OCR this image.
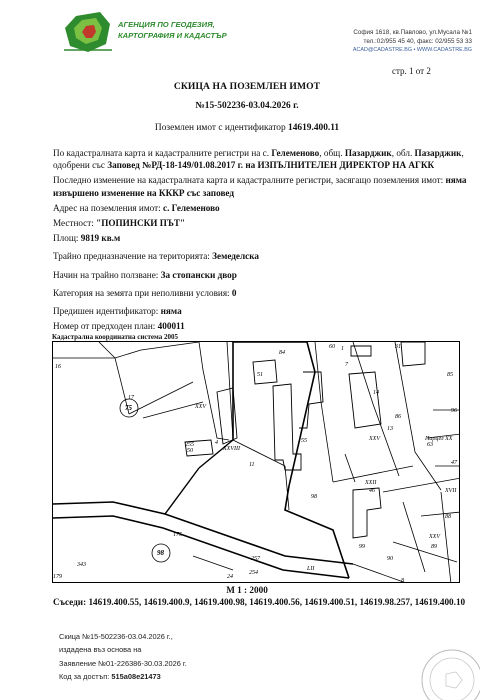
АГЕНЦИЯ ПО ГЕОДЕЗИЯ,
КАРТОГРАФИЯ И КАДАСТЪР	София 1618, кв.Павлово, ул.Мусала №1
тел.:02/955 45 40, факс: 02/955 53 33
ACAD@CADASTRE.BG • WWW.CADASTRE.BG
стр. 1 от 2
СКИЦА НА ПОЗЕМЛЕН ИМОТ
№15-502236-03.04.2026 г.
Поземлен имот с идентификатор 14619.400.11
По кадастралната карта и кадастралните регистри на с. Гелеменово, общ. Пазарджик, обл. Пазарджик, одобрени със Заповед №РД-18-149/01.08.2017 г. на ИЗПЪЛНИТЕЛЕН ДИРЕКТОР НА АГКК
Последно изменение на кадастралната карта и кадастралните регистри, засягащо поземления имот: няма извършено изменение на КККР със заповед
Адрес на поземления имот: с. Гелеменово
Местност: "ПОПИНСКИ ПЪТ"
Площ: 9819 кв.м
Трайно предназначение на територията: Земеделска
Начин на трайно ползване: За стопански двор
Категория на земята при неполивни условия: 0
Предишен идентификатор: няма
Номер от предходен план: 400011
Кадастрална координатна система 2005
75
98
16
17
XXV
255
50
4
XXVIII
84
51
11
55
60 1
7
31
85
14
86
13
XXV	Парцел XX
63
XXII
46
98
99
88
XXV
89
90
175
343
257
254
24
LII
179
8
96
47
XVII
М 1 : 2000
Съседи: 14619.400.55, 14619.400.9, 14619.400.98, 14619.400.56, 14619.400.51, 14619.98.257, 14619.400.10
Скица №15-502236-03.04.2026 г.,
издадена въз основа на
Заявление №01-226386-30.03.2026 г.
Код за достъп: 515a08e21473
